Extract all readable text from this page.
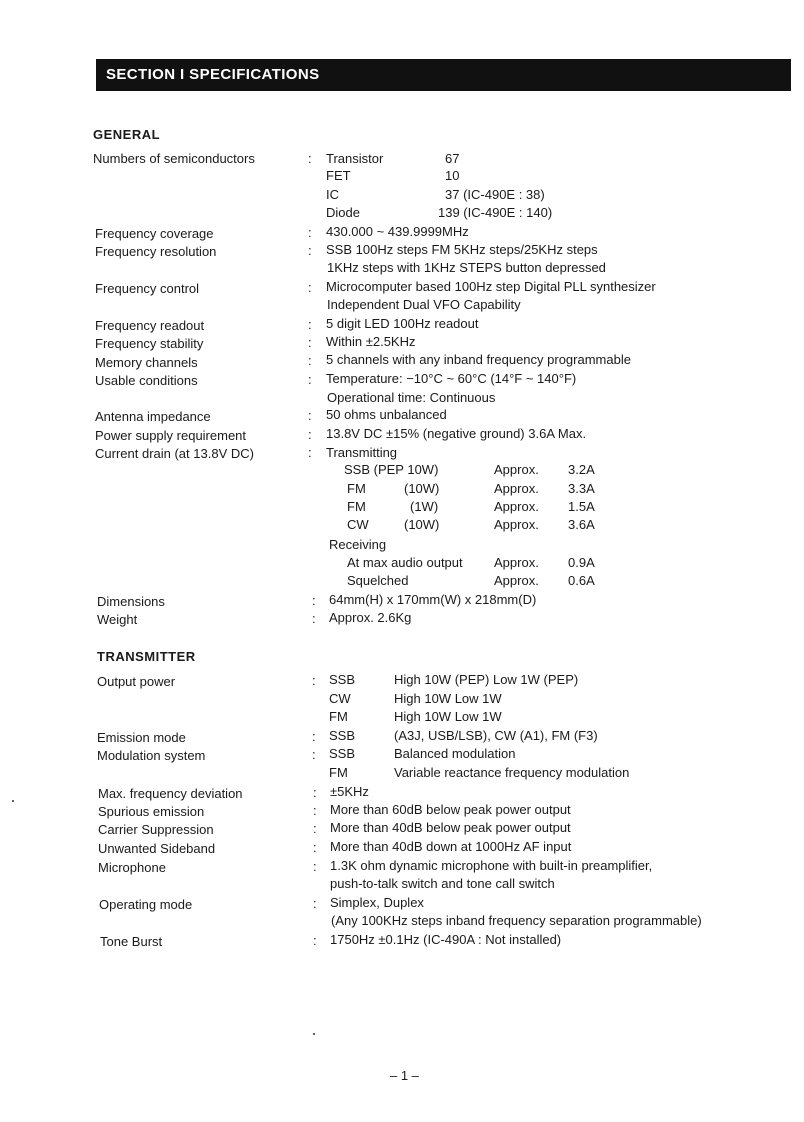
SECTION I SPECIFICATIONS
GENERAL
Numbers of semiconductors	: Transistor	67
FET	10
IC	37 (IC-490E : 38)
Diode	139 (IC-490E : 140)
Frequency coverage	: 430.000 ~ 439.9999MHz
Frequency resolution	: SSB 100Hz steps FM 5KHz steps/25KHz steps
1KHz steps with 1KHz STEPS button depressed
Frequency control	: Microcomputer based 100Hz step Digital PLL synthesizer
Independent Dual VFO Capability
Frequency readout	: 5 digit LED 100Hz readout
Frequency stability	: Within ±2.5KHz
Memory channels	: 5 channels with any inband frequency programmable
Usable conditions	: Temperature: −10°C ~ 60°C (14°F ~ 140°F)
Operational time: Continuous
Antenna impedance	: 50 ohms unbalanced
Power supply requirement	: 13.8V DC ±15% (negative ground) 3.6A Max.
Current drain (at 13.8V DC)	: Transmitting
SSB (PEP 10W)	Approx. 3.2A
FM	(10W)	Approx. 3.3A
FM	(1W)	Approx. 1.5A
CW	(10W)	Approx. 3.6A
Receiving
At max audio output Approx. 0.9A
Squelched	Approx. 0.6A
Dimensions	: 64mm(H) x 170mm(W) x 218mm(D)
Weight	: Approx. 2.6Kg
TRANSMITTER
Output power	: SSB	High 10W (PEP) Low 1W (PEP)
CW	High 10W Low 1W
FM	High 10W Low 1W
Emission mode	: SSB	(A3J, USB/LSB), CW (A1), FM (F3)
Modulation system	: SSB	Balanced modulation
FM	Variable reactance frequency modulation
Max. frequency deviation	: ±5KHz
Spurious emission	: More than 60dB below peak power output
Carrier Suppression	: More than 40dB below peak power output
Unwanted Sideband	: More than 40dB down at 1000Hz AF input
Microphone	: 1.3K ohm dynamic microphone with built-in preamplifier,
push-to-talk switch and tone call switch
Operating mode	: Simplex, Duplex
(Any 100KHz steps inband frequency separation programmable)
Tone Burst	: 1750Hz ±0.1Hz (IC-490A : Not installed)
– 1 –
